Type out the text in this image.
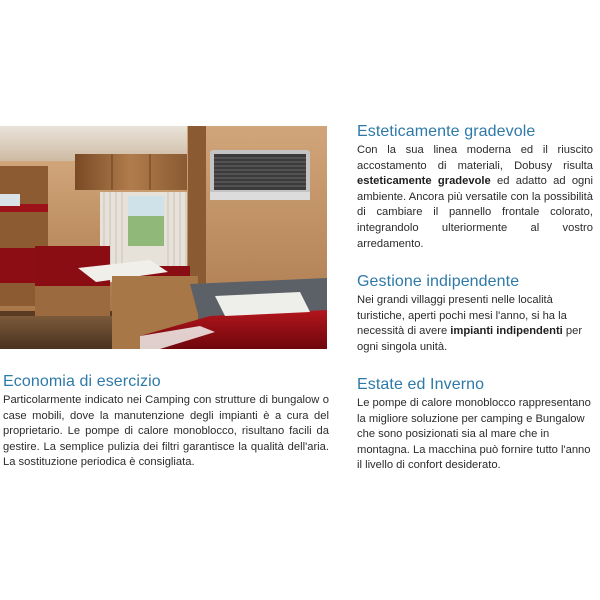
Esteticamente gradevole

Con la sua linea moderna ed il riuscito accostamento di materiali, Dobusy risulta esteticamente gradevole ed adatto ad ogni ambiente. Ancora più versatile con la possibilità di cambiare il pannello frontale colorato, integrandolo ulteriormente al vostro arredamento.

Gestione indipendente

Nei grandi villaggi presenti nelle località turistiche, aperti pochi mesi l'anno, si ha la necessità di avere impianti indipendenti per ogni singola unità.

Economia di esercizio

Particolarmente indicato nei Camping con strutture di bungalow o case mobili, dove la manutenzione degli impianti è a cura del proprietario. Le pompe di calore monoblocco, risultano facili da gestire. La semplice pulizia dei filtri garantisce la qualità dell'aria. La sostituzione periodica è consigliata.

Estate ed Inverno

Le pompe di calore monoblocco rappresentano la migliore soluzione per camping e Bungalow che sono posizionati sia al mare che in montagna. La macchina può fornire tutto l'anno il livello di confort desiderato.
